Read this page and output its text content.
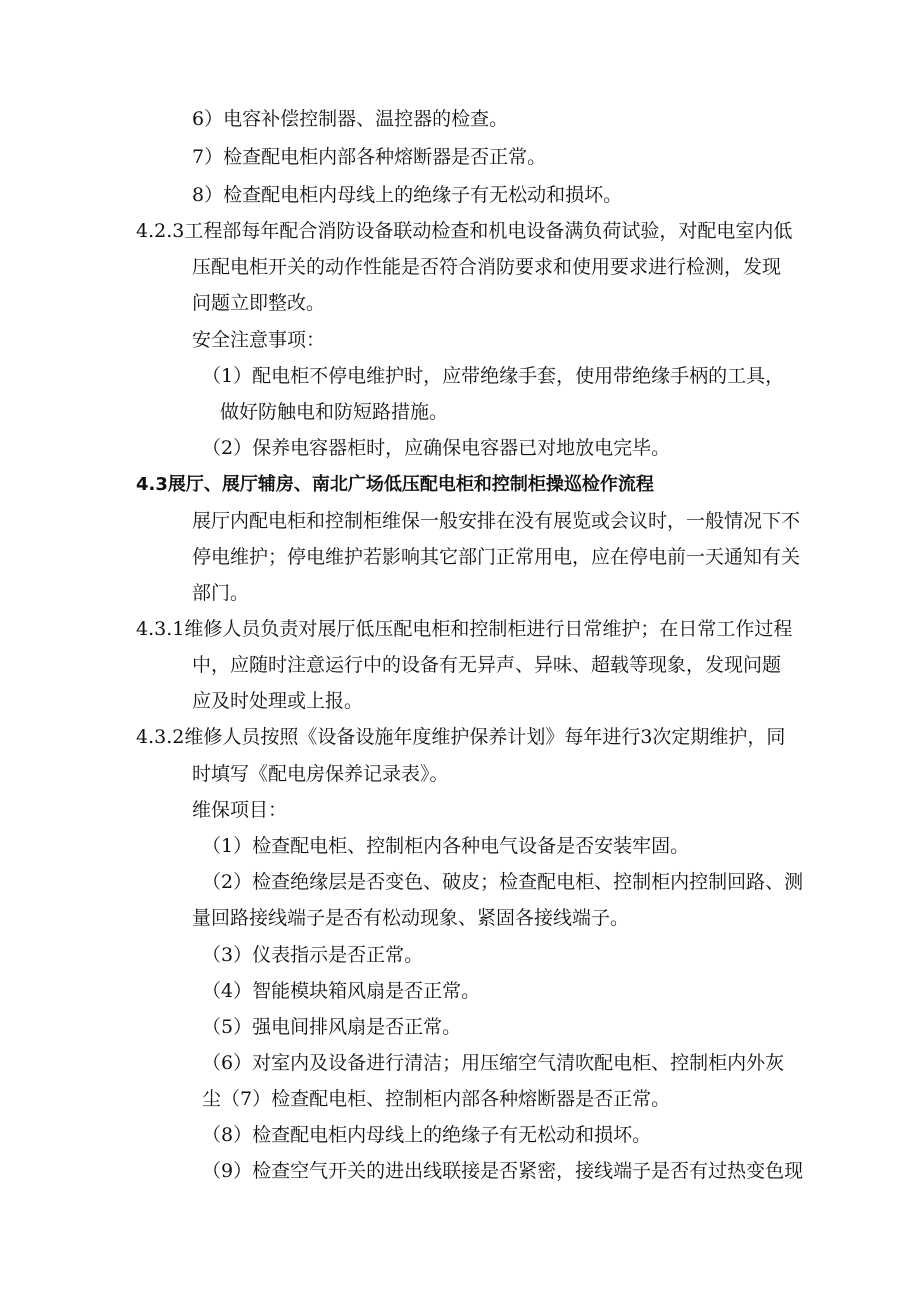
6）电容补偿控制器、温控器的检查。
7）检查配电柜内部各种熔断器是否正常。
8）检查配电柜内母线上的绝缘子有无松动和损坏。
4.2.3工程部每年配合消防设备联动检查和机电设备满负荷试验，对配电室内低
压配电柜开关的动作性能是否符合消防要求和使用要求进行检测，发现
问题立即整改。
安全注意事项：
（1）配电柜不停电维护时，应带绝缘手套，使用带绝缘手柄的工具，
做好防触电和防短路措施。
（2）保养电容器柜时，应确保电容器已对地放电完毕。
4.3展厅、展厅辅房、南北广场低压配电柜和控制柜操巡检作流程
展厅内配电柜和控制柜维保一般安排在没有展览或会议时，一般情况下不
停电维护；停电维护若影响其它部门正常用电，应在停电前一天通知有关
部门。
4.3.1维修人员负责对展厅低压配电柜和控制柜进行日常维护；在日常工作过程
中，应随时注意运行中的设备有无异声、异味、超载等现象，发现问题
应及时处理或上报。
4.3.2维修人员按照《设备设施年度维护保养计划》每年进行3次定期维护，同
时填写《配电房保养记录表》。
维保项目：
（1）检查配电柜、控制柜内各种电气设备是否安装牢固。
（2）检查绝缘层是否变色、破皮；检查配电柜、控制柜内控制回路、测
量回路接线端子是否有松动现象、紧固各接线端子。
（3）仪表指示是否正常。
（4）智能模块箱风扇是否正常。
（5）强电间排风扇是否正常。
（6）对室内及设备进行清洁；用压缩空气清吹配电柜、控制柜内外灰
尘（7）检查配电柜、控制柜内部各种熔断器是否正常。
（8）检查配电柜内母线上的绝缘子有无松动和损坏。
（9）检查空气开关的进出线联接是否紧密，接线端子是否有过热变色现
